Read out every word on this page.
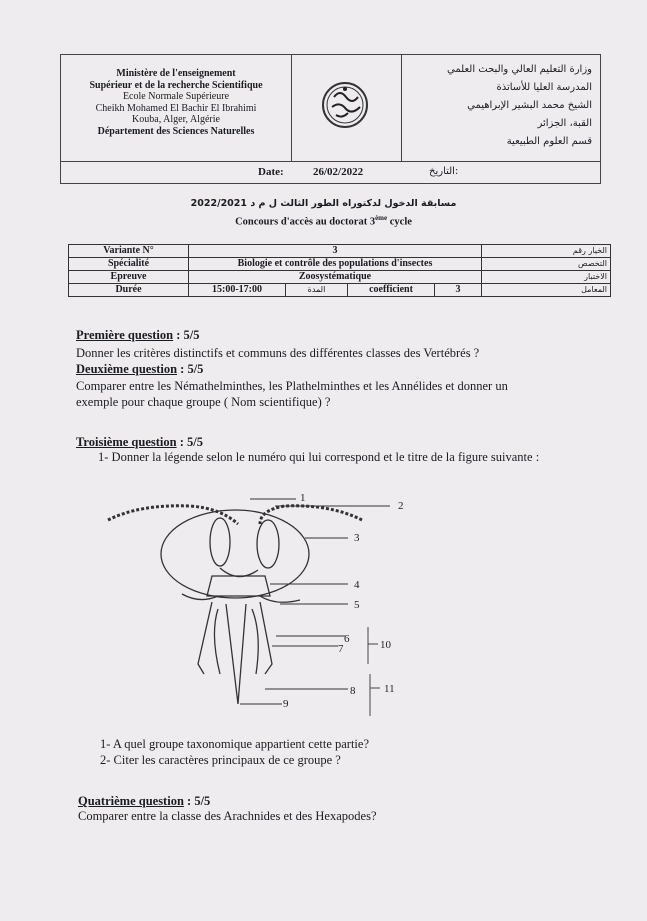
Ministère de l'enseignement
Supérieur et de la recherche Scientifique
Ecole Normale Supérieure
Cheikh Mohamed El Bachir El Ibrahimi
Kouba, Alger, Algérie
Département des Sciences Naturelles
وزارة التعليم العالي والبحث العلمي
المدرسة العليا للأساتذة
الشيخ محمد البشير الإبراهيمي
القبة، الجزائر
قسم العلوم الطبيعية
Date:	26/02/2022	التاريخ:
مسابقة الدخول لدكتوراه الطور الثالث ل م د 2022/2021
Concours d'accès au doctorat 3ème cycle
Variante N°	3				الخيار رقم
Spécialité	Biologie et contrôle des populations d'insectes				التخصص
Epreuve	Zoosystématique				الاختبار
Durée	15:00-17:00	المدة	coefficient	3	المعامل
Première question : 5/5
Donner les critères distinctifs et communs des différentes classes des Vertébrés ?
Deuxième question : 5/5
Comparer entre les Némathelminthes, les Plathelminthes et les Annélides et donner un exemple pour chaque groupe ( Nom scientifique) ?
Troisième question : 5/5
1- Donner la légende selon le numéro qui lui correspond et le titre de la figure suivante :
1
2
3
4
5
6
7
8
9
10
11
1- A quel groupe taxonomique appartient cette partie?
2- Citer les caractères principaux de ce groupe ?
Quatrième question : 5/5
Comparer entre la classe des Arachnides et des Hexapodes?
